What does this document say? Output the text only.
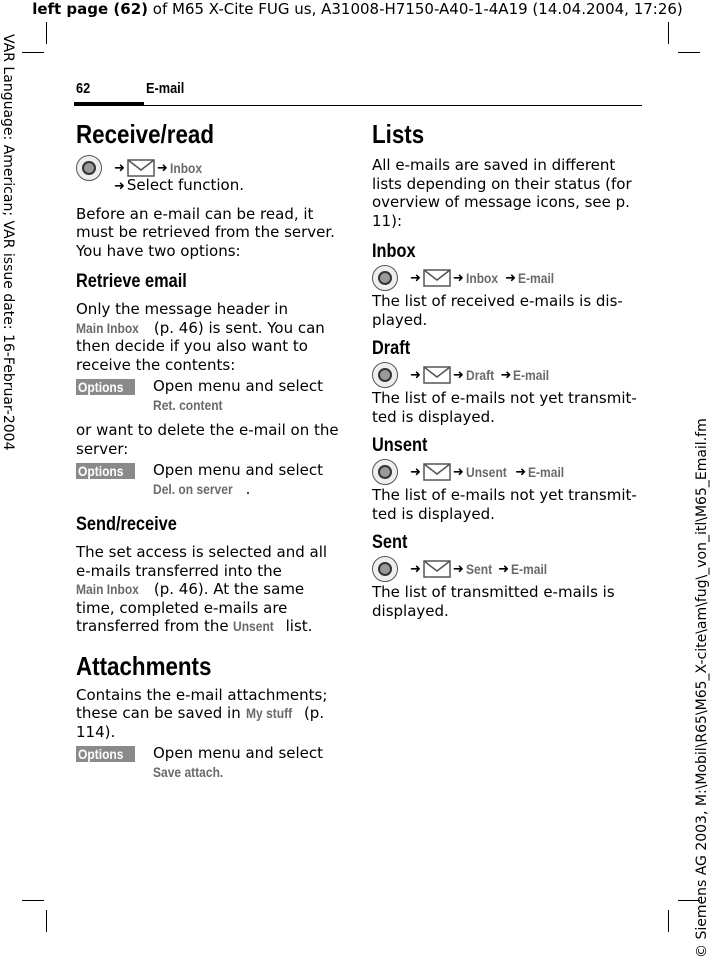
left page (62) of M65 X-Cite FUG us, A31008-H7150-A40-1-4A19 (14.04.2004, 17:26)
VAR Language: American; VAR issue date: 16-Februar-2004
© Siemens AG 2003, M:\Mobil\R65\M65_X-cite\am\fug\_von_itl\M65_Email.fm
62	E-mail
Receive/read
➜ ➜ Inbox

➜ Select function.

Before an e-mail can be read, it must be retrieved from the server. You have two options:

Retrieve email

Only the message header in Main Inbox (p. 46) is sent. You can then decide if you also want to receive the contents:

Options	Open menu and select Ret. content

or want to delete the e-mail on the server:

Options	Open menu and select Del. on server .

Send/receive

The set access is selected and all e-mails transferred into the Main Inbox (p. 46). At the same time, completed e-mails are transferred from the Unsent list.

Attachments

Contains the e-mail attachments; these can be saved in My stuff (p. 114).

Options	Open menu and select Save attach.

Lists

All e-mails are saved in different lists depending on their status (for overview of message icons, see p. 11):

Inbox
➜ ➜ Inbox ➜ E-mail

The list of received e-mails is displayed.

Draft
➜ ➜ Draft ➜ E-mail

The list of e-mails not yet transmitted is displayed.

Unsent
➜ ➜ Unsent ➜ E-mail

The list of e-mails not yet transmitted is displayed.

Sent
➜ ➜ Sent ➜ E-mail

The list of transmitted e-mails is displayed.
